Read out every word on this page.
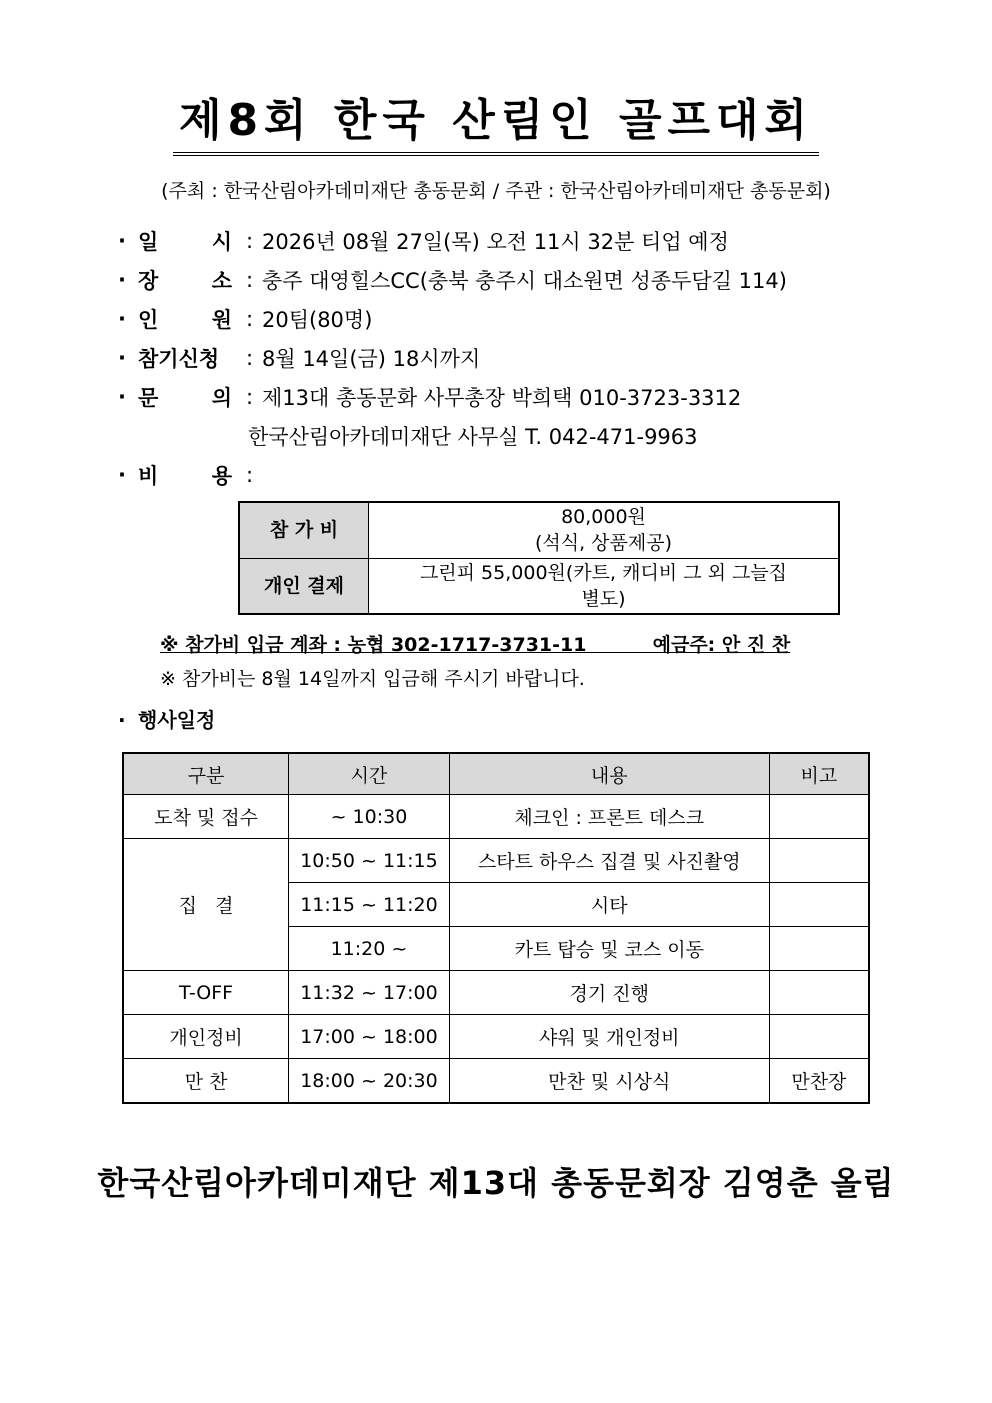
제8회 한국 산림인 골프대회
(주최 : 한국산림아카데미재단 총동문회 / 주관 : 한국산림아카데미재단 총동문회)
· 일	시 : 2026년 08월 27일(목) 오전 11시 32분 티업 예정
· 장	소 : 충주 대영힐스CC(충북 충주시 대소원면 성종두담길 114)
· 인	원 : 20팀(80명)
· 참기신청	: 8월 14일(금) 18시까지
· 문	의 : 제13대 총동문화 사무총장 박희택 010-3723-3312
한국산림아카데미재단 사무실 T. 042-471-9963
· 비	용 :
참 가 비	80,000원
(석식, 상품제공)

개인 결제	그린피 55,000원(카트, 캐디비 그 외 그늘집
별도)
※ 참가비 입금 계좌 : 농협 302-1717-3731-11          예금주: 안 진 찬
※ 참가비는 8월 14일까지 입금해 주시기 바랍니다.
· 행사일정
구분	시간	내용	비고
도착 및 접수	~ 10:30	체크인 : 프론트 데스크	
집   결	10:50 ~ 11:15	스타트 하우스 집결 및 사진촬영	
	11:15 ~ 11:20	시타	
	11:20 ~	카트 탑승 및 코스 이동	
T-OFF	11:32 ~ 17:00	경기 진행	
개인정비	17:00 ~ 18:00	샤워 및 개인정비	
만 찬	18:00 ~ 20:30	만찬 및 시상식	만찬장
한국산림아카데미재단 제13대 총동문회장 김영춘 올림
